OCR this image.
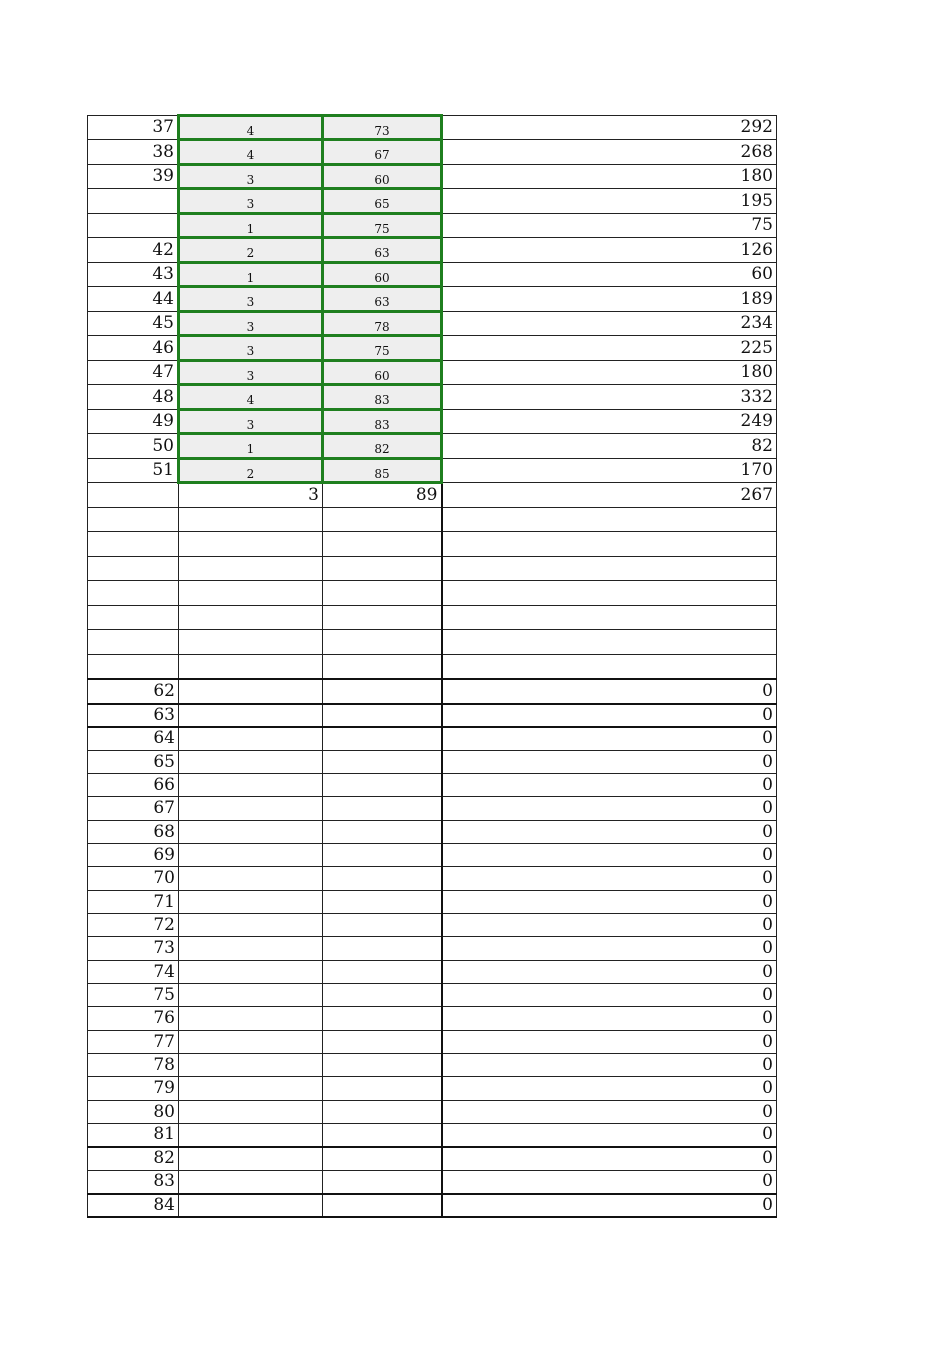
37	4	73	292
38	4	67	268
39	3	60	180
	3	65	195
	1	75	75
42	2	63	126
43	1	60	60
44	3	63	189
45	3	78	234
46	3	75	225
47	3	60	180
48	4	83	332
49	3	83	249
50	1	82	82
51	2	85	170
	3	89	267

62			0
63			0
64			0
65			0
66			0
67			0
68			0
69			0
70			0
71			0
72			0
73			0
74			0
75			0
76			0
77			0
78			0
79			0
80			0
81			0
82			0
83			0
84			0
